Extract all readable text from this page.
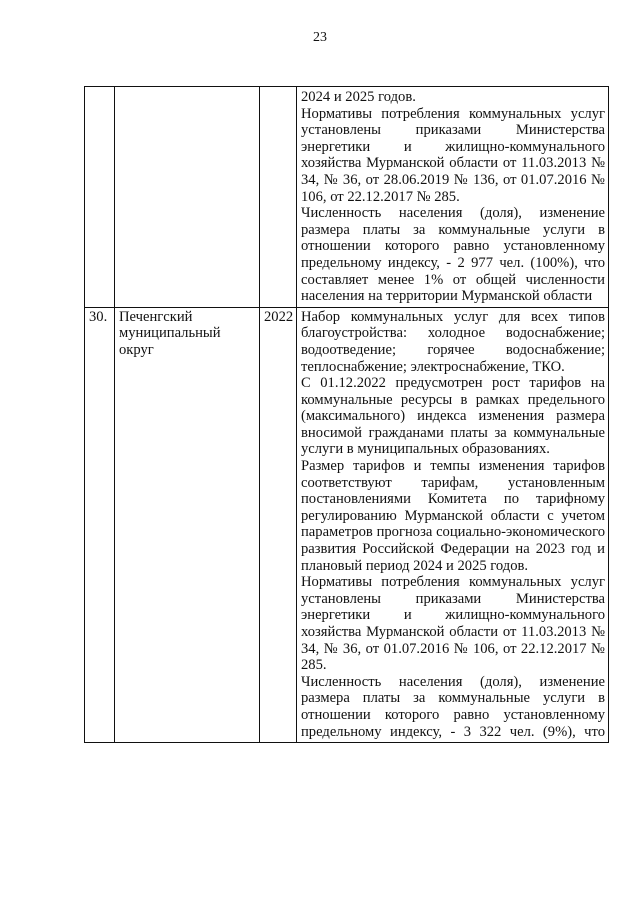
23

			2024 и 2025 годов.

Нормативы потребления коммунальных услуг установлены приказами Министерства энергетики и жилищно-коммунального хозяйства Мурманской области от 11.03.2013 № 34, № 36, от 28.06.2019 № 136, от 01.07.2016 № 106, от 22.12.2017 № 285.

Численность населения (доля), изменение размера платы за коммунальные услуги в отношении которого равно установленному предельному индексу, - 2 977 чел. (100%), что составляет менее 1% от общей численности населения на территории Мурманской области

30.	Печенгский муниципальный округ	2022	Набор коммунальных услуг для всех типов благоустройства: холодное водоснабжение; водоотведение; горячее водоснабжение; теплоснабжение; электроснабжение, ТКО.

С 01.12.2022 предусмотрен рост тарифов на коммунальные ресурсы в рамках предельного (максимального) индекса изменения размера вносимой гражданами платы за коммунальные услуги в муниципальных образованиях.

Размер тарифов и темпы изменения тарифов соответствуют тарифам, установленным постановлениями Комитета по тарифному регулированию Мурманской области с учетом параметров прогноза социально-экономического развития Российской Федерации на 2023 год и плановый период 2024 и 2025 годов.

Нормативы потребления коммунальных услуг установлены приказами Министерства энергетики и жилищно-коммунального хозяйства Мурманской области от 11.03.2013 № 34, № 36, от 01.07.2016 № 106, от 22.12.2017 № 285.

Численность населения (доля), изменение размера платы за коммунальные услуги в отношении которого равно установленному предельному индексу, - 3 322 чел. (9%), что
